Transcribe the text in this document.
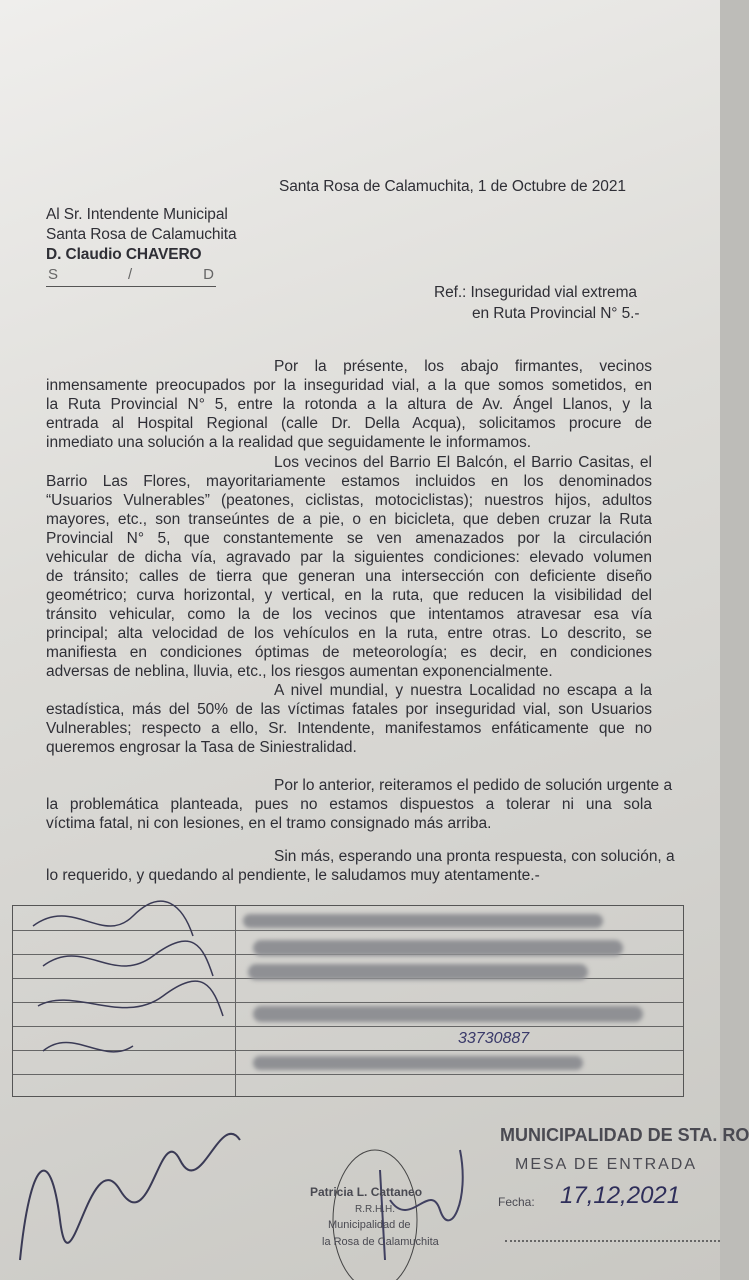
Santa Rosa de Calamuchita, 1 de Octubre de 2021
Al Sr. Intendente Municipal
Santa Rosa de Calamuchita
D. Claudio CHAVERO
S	/	D
Ref.: Inseguridad vial extrema
en Ruta Provincial N° 5.-
Por la présente, los abajo firmantes, vecinos
inmensamente preocupados por la inseguridad vial, a la que somos sometidos, en
la Ruta Provincial N° 5, entre la rotonda a la altura de Av. Ángel Llanos, y la
entrada al Hospital Regional (calle Dr. Della Acqua), solicitamos procure de
inmediato una solución a la realidad que seguidamente le informamos.
Los vecinos del Barrio El Balcón, el Barrio Casitas, el
Barrio Las Flores, mayoritariamente estamos incluidos en los denominados
“Usuarios Vulnerables” (peatones, ciclistas, motociclistas); nuestros hijos, adultos
mayores, etc., son transeúntes de a pie, o en bicicleta, que deben cruzar la Ruta
Provincial N° 5, que constantemente se ven amenazados por la circulación
vehicular de dicha vía, agravado par la siguientes condiciones: elevado volumen
de tránsito; calles de tierra que generan una intersección con deficiente diseño
geométrico; curva horizontal, y vertical, en la ruta, que reducen la visibilidad del
tránsito vehicular, como la de los vecinos que intentamos atravesar esa vía
principal; alta velocidad de los vehículos en la ruta, entre otras. Lo descrito, se
manifiesta en condiciones óptimas de meteorología; es decir, en condiciones
adversas de neblina, lluvia, etc., los riesgos aumentan exponencialmente.
A nivel mundial, y nuestra Localidad no escapa a la
estadística, más del 50% de las víctimas fatales por inseguridad vial, son Usuarios
Vulnerables; respecto a ello, Sr. Intendente, manifestamos enfáticamente que no
queremos engrosar la Tasa de Siniestralidad.
Por lo anterior, reiteramos el pedido de solución urgente a
la problemática planteada, pues no estamos dispuestos a tolerar ni una sola
víctima fatal, ni con lesiones, en el tramo consignado más arriba.
Sin más, esperando una pronta respuesta, con solución, a
lo requerido, y quedando al pendiente, le saludamos muy atentamente.-
33730887
Patricia L. Cattaneo
R.R.H.H.
Municipalidad de
la Rosa de Calamuchita
MUNICIPALIDAD DE STA. RO
MESA DE ENTRADA
Fecha: 17,12,2021
